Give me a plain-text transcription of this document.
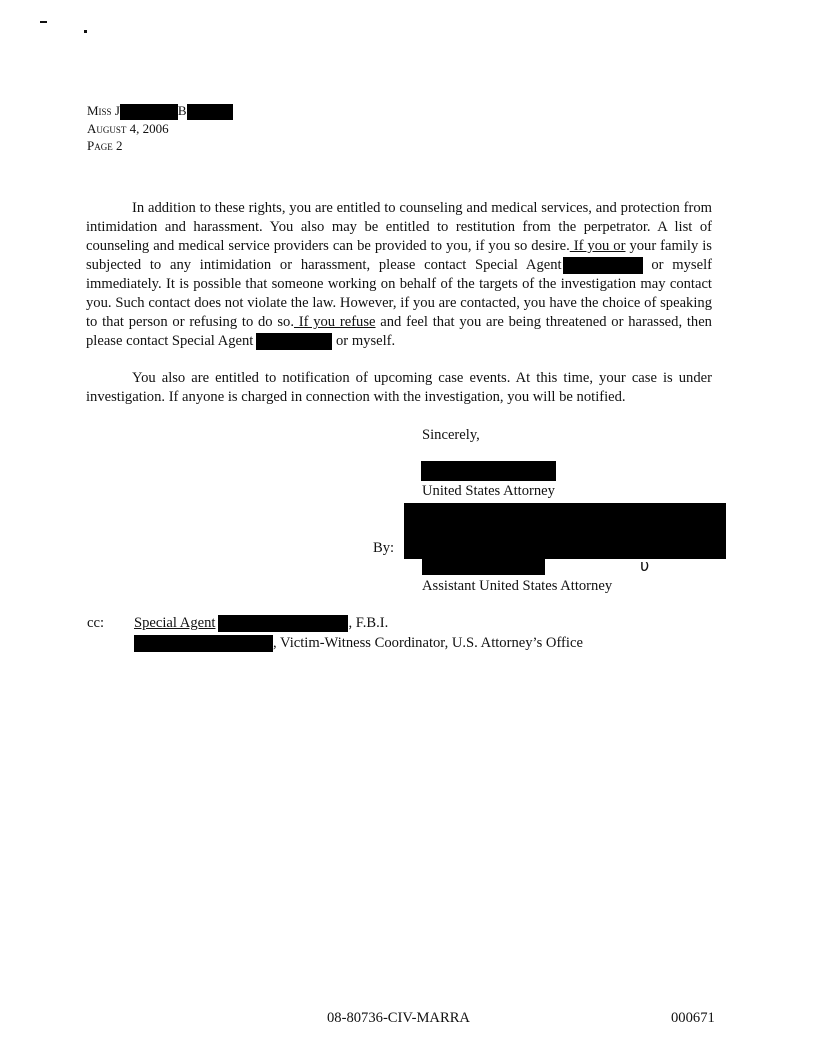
Miss J	B
August 4, 2006
Page 2
In addition to these rights, you are entitled to counseling and medical services, and protection from intimidation and harassment. You also may be entitled to restitution from the perpetrator. A list of counseling and medical service providers can be provided to you, if you so desire. If you or your family is subjected to any intimidation or harassment, please contact Special Agent	or myself immediately. It is possible that someone working on behalf of the targets of the investigation may contact you. Such contact does not violate the law. However, if you are contacted, you have the choice of speaking to that person or refusing to do so. If you refuse and feel that you are being threatened or harassed, then please contact Special Agent	or myself.
You also are entitled to notification of upcoming case events. At this time, your case is under investigation. If anyone is charged in connection with the investigation, you will be notified.
Sincerely,
United States Attorney
υ
By:
Assistant United States Attorney
cc: Special Agent	, F.B.I.
, Victim-Witness Coordinator, U.S. Attorney’s Office
08-80736-CIV-MARRA	000671
